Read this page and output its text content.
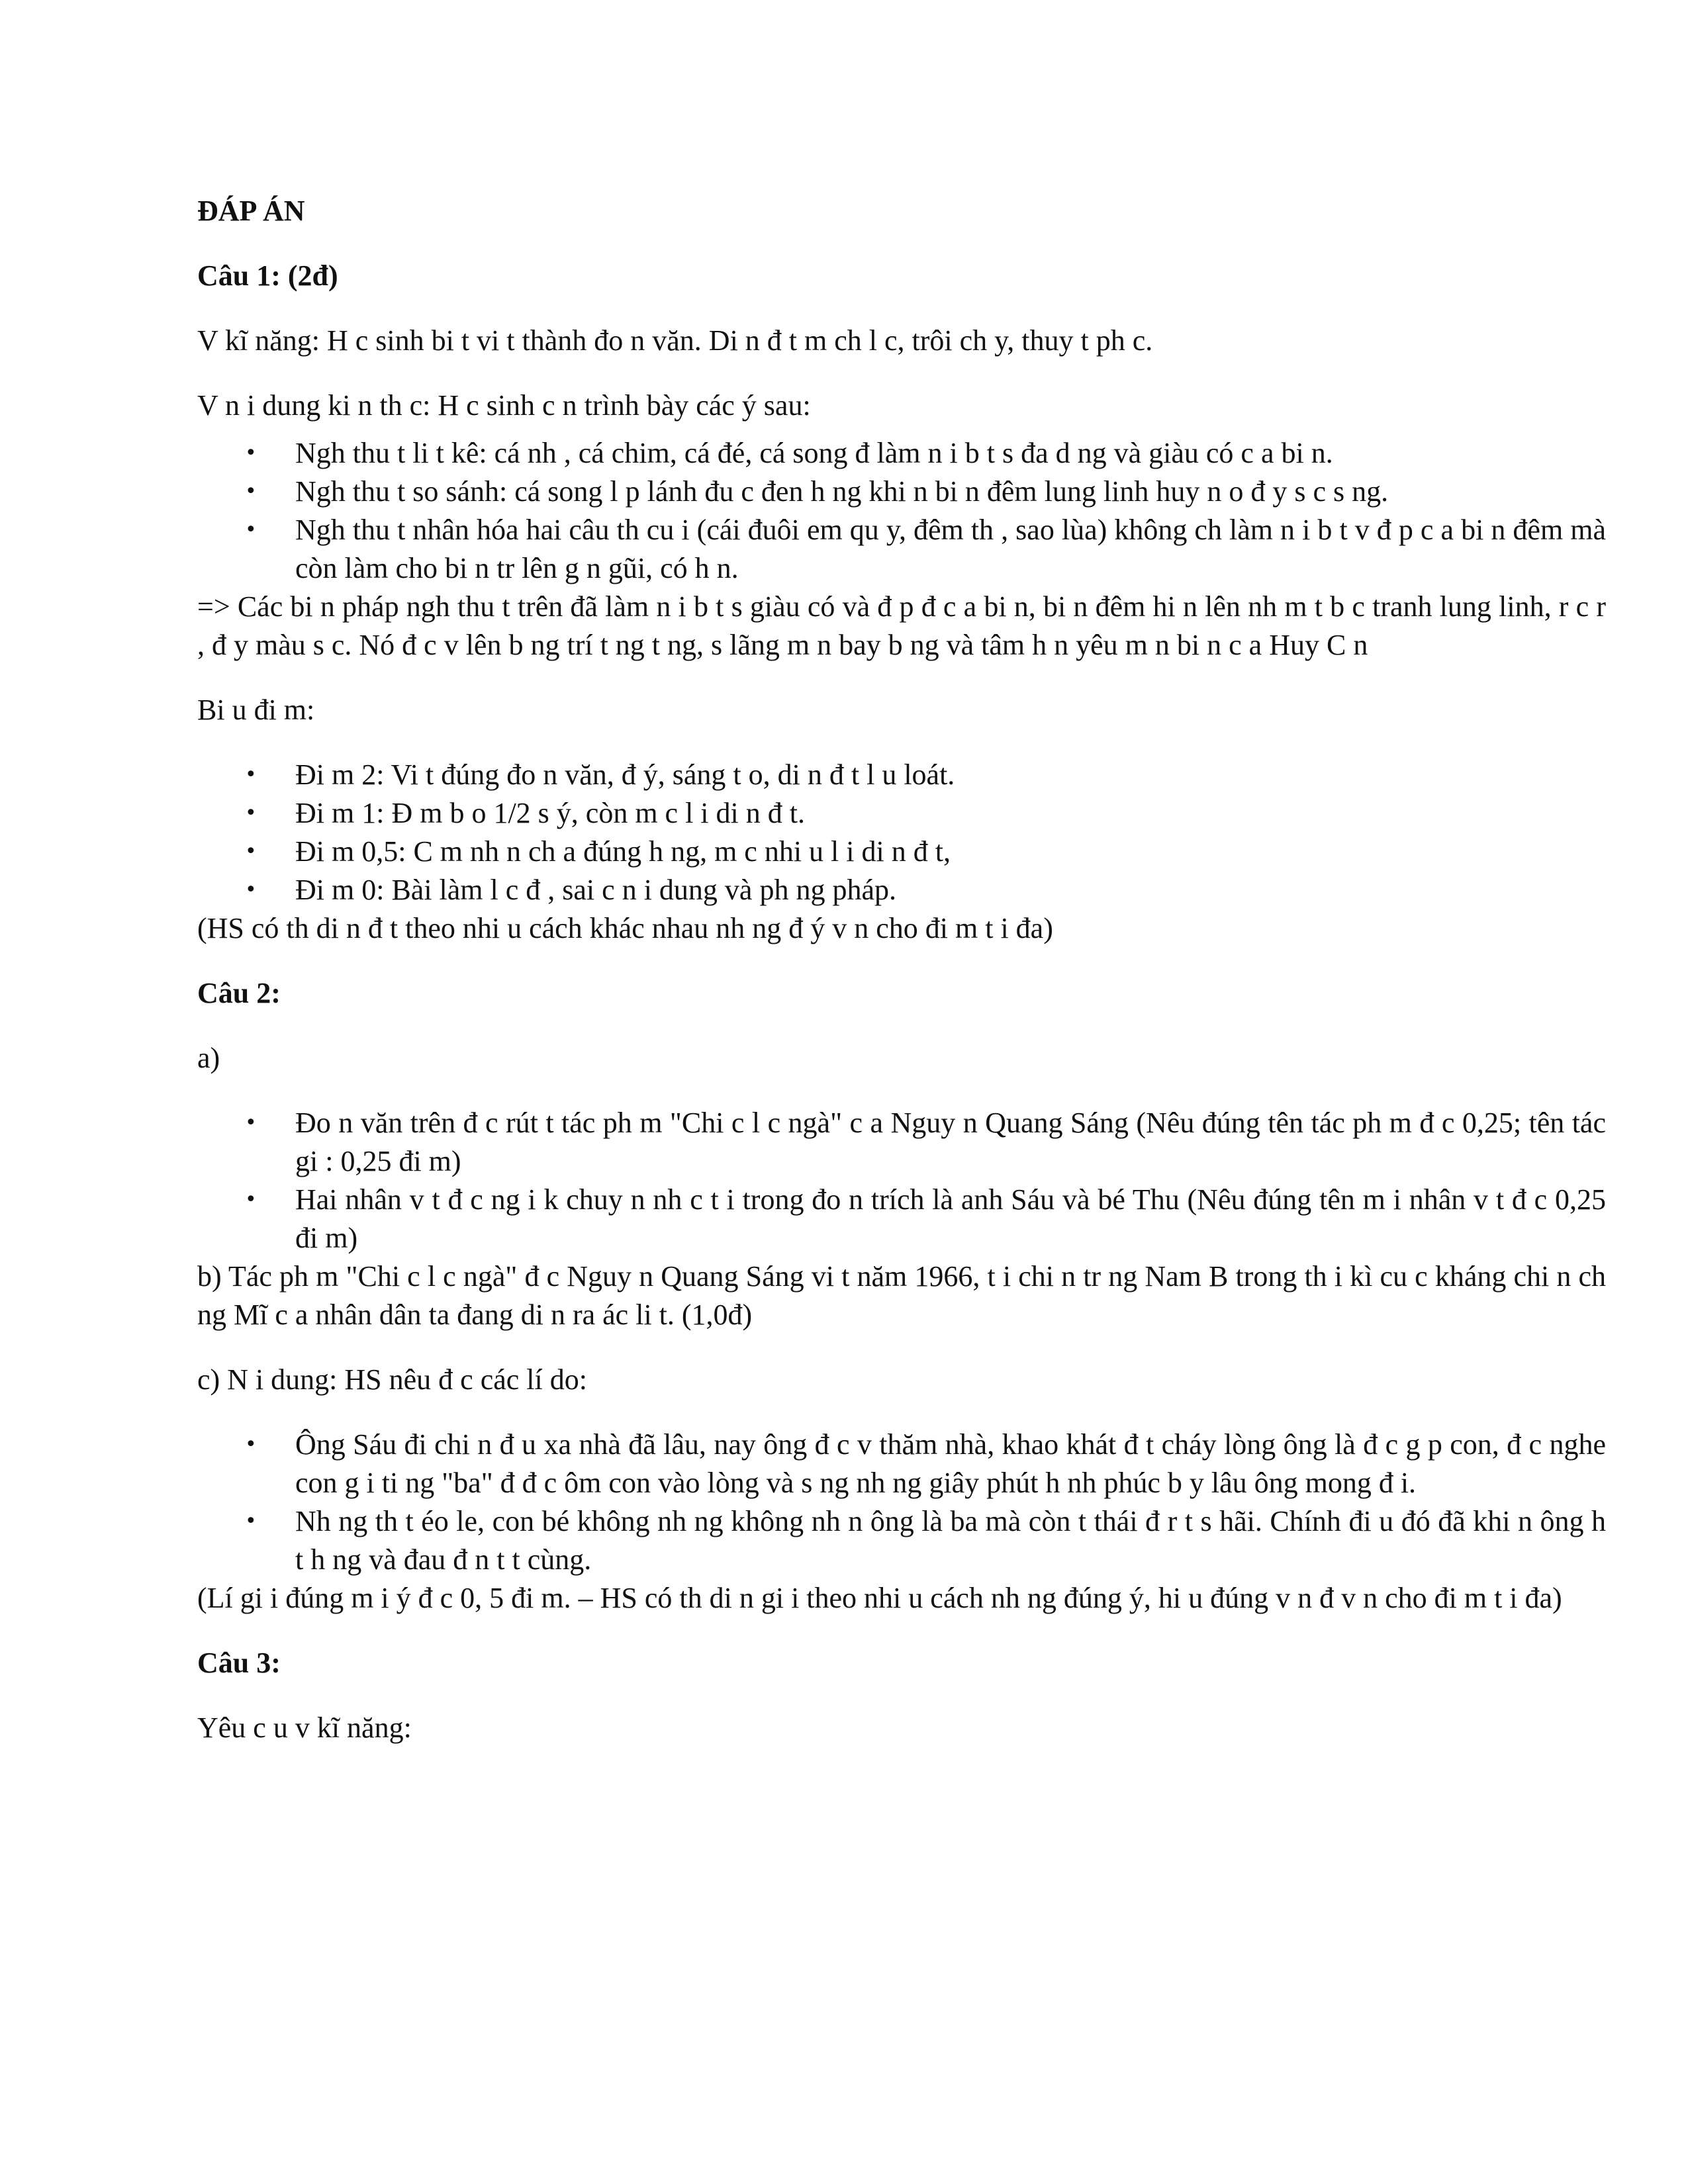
ĐÁP ÁN
Câu 1: (2đ)

V kĩ năng: H c sinh bi t vi t thành đo n văn. Di n đ t m ch l c, trôi ch y, thuy t ph c.

V n i dung ki n th c: H c sinh c n trình bày các ý sau:

•	Ngh thu t li t kê: cá nh , cá chim, cá đé, cá song đ làm n i b t s đa d ng và giàu có c a bi n.
•	Ngh thu t so sánh: cá song l p lánh đu c đen h ng khi n bi n đêm lung linh huy n o đ y s c s ng.
•	Ngh thu t nhân hóa hai câu th cu i (cái đuôi em qu y, đêm th , sao lùa) không ch làm n i b t v đ p c a bi n đêm mà còn làm cho bi n tr lên g n gũi, có h n.

=> Các bi n pháp ngh thu t trên đã làm n i b t s giàu có và đ p đ c a bi n, bi n đêm hi n lên nh m t b c tranh lung linh, r c r , đ y màu s c. Nó đ c v lên b ng trí t ng t ng, s lãng m n bay b ng và tâm h n yêu m n bi n c a Huy C n

Bi u đi m:

•	Đi m 2: Vi t đúng đo n văn, đ ý, sáng t o, di n đ t l u loát.
•	Đi m 1: Đ m b o 1/2 s ý, còn m c l i di n đ t.
•	Đi m 0,5: C m nh n ch a đúng h ng, m c nhi u l i di n đ t,
•	Đi m 0: Bài làm l c đ , sai c n i dung và ph ng pháp.

(HS có th di n đ t theo nhi u cách khác nhau nh ng đ ý v n cho đi m t i đa)

Câu 2:

a)

•	Đo n văn trên đ c rút t tác ph m "Chi c l c ngà" c a Nguy n Quang Sáng (Nêu đúng tên tác ph m đ c 0,25; tên tác gi : 0,25 đi m)
•	Hai nhân v t đ c ng i k chuy n nh c t i trong đo n trích là anh Sáu và bé Thu (Nêu đúng tên m i nhân v t đ c 0,25 đi m)

b) Tác ph m "Chi c l c ngà" đ c Nguy n Quang Sáng vi t năm 1966, t i chi n tr ng Nam B trong th i kì cu c kháng chi n ch ng Mĩ c a nhân dân ta đang di n ra ác li t. (1,0đ)

c) N i dung: HS nêu đ c các lí do:

•	Ông Sáu đi chi n đ u xa nhà đã lâu, nay ông đ c v thăm nhà, khao khát đ t cháy lòng ông là đ c g p con, đ c nghe con g i ti ng "ba" đ đ c ôm con vào lòng và s ng nh ng giây phút h nh phúc b y lâu ông mong đ i.
•	Nh ng th t éo le, con bé không nh ng không nh n ông là ba mà còn t thái đ r t s hãi. Chính đi u đó đã khi n ông h t h ng và đau đ n t t cùng.

(Lí gi i đúng m i ý đ c 0, 5 đi m. – HS có th di n gi i theo nhi u cách nh ng đúng ý, hi u đúng v n đ v n cho đi m t i đa)

Câu 3:

Yêu c u v kĩ năng:
